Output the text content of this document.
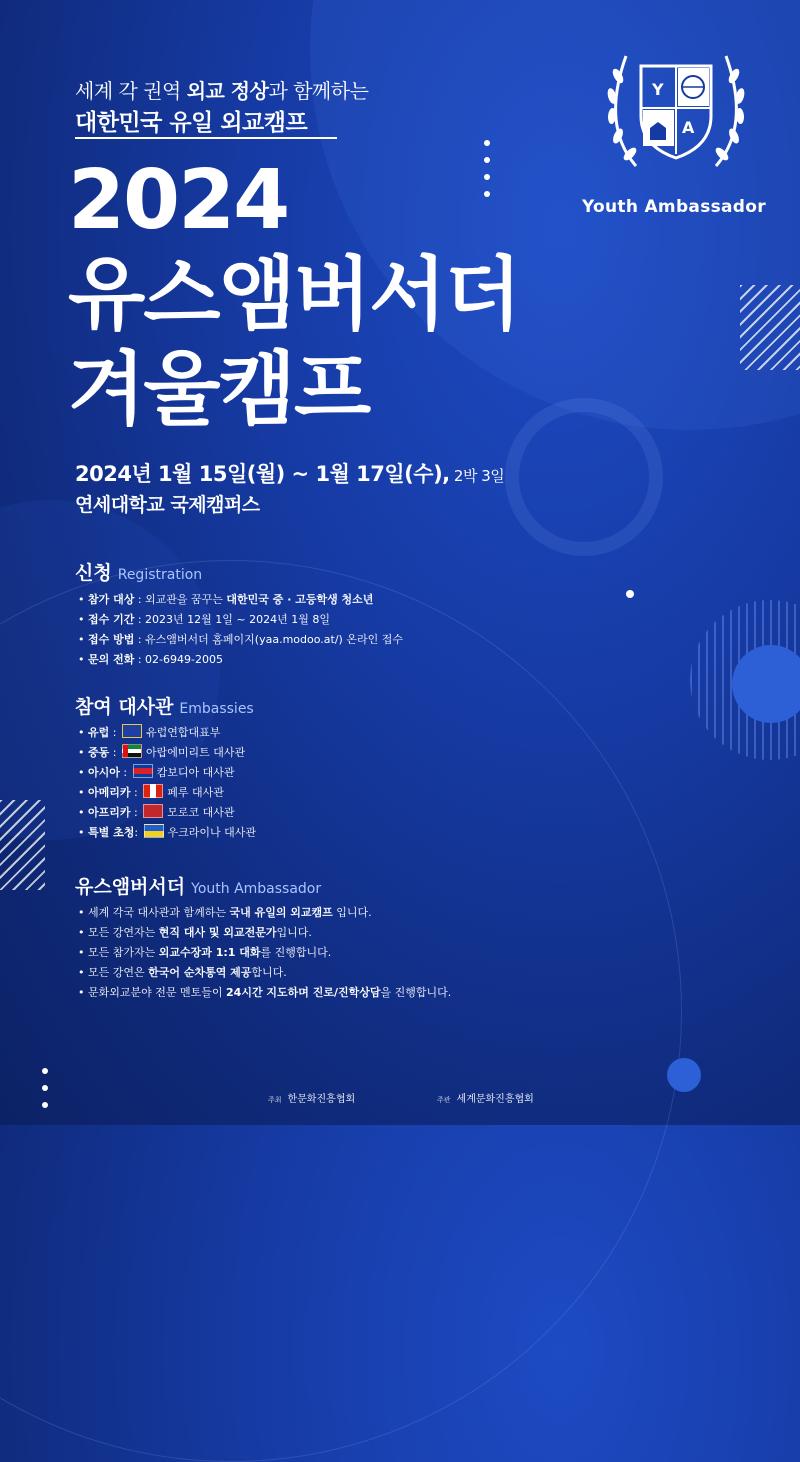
세계 각 권역 외교 정상과 함께하는
대한민국 유일 외교캠프
2024
유스앰버서더
겨울캠프
2024년 1월 15일(월) ~ 1월 17일(수), 2박 3일
연세대학교 국제캠퍼스
Y
A
Youth Ambassador
신청 Registration
• 참가 대상 : 외교관을 꿈꾸는 대한민국 중 · 고등학생 청소년
• 접수 기간 : 2023년 12월 1일 ~ 2024년 1월 8일
• 접수 방법 : 유스앰버서더 홈페이지(yaa.modoo.at/) 온라인 접수
• 문의 전화 : 02-6949-2005
참여 대사관 Embassies
• 유럽 : 유럽연합대표부
• 중동 : 아랍에미리트 대사관
• 아시아 : 캄보디아 대사관
• 아메리카 : 페루 대사관
• 아프리카 : 모로코 대사관
• 특별 초청: 우크라이나 대사관
유스앰버서더 Youth Ambassador
• 세계 각국 대사관과 함께하는 국내 유일의 외교캠프 입니다.
• 모든 강연자는 현직 대사 및 외교전문가입니다.
• 모든 참가자는 외교수장과 1:1 대화를 진행합니다.
• 모든 강연은 한국어 순차통역 제공합니다.
• 문화외교분야 전문 멘토들이 24시간 지도하며 진로/진학상담을 진행합니다.
주최 한문화진흥협회	주관 세계문화진흥협회
